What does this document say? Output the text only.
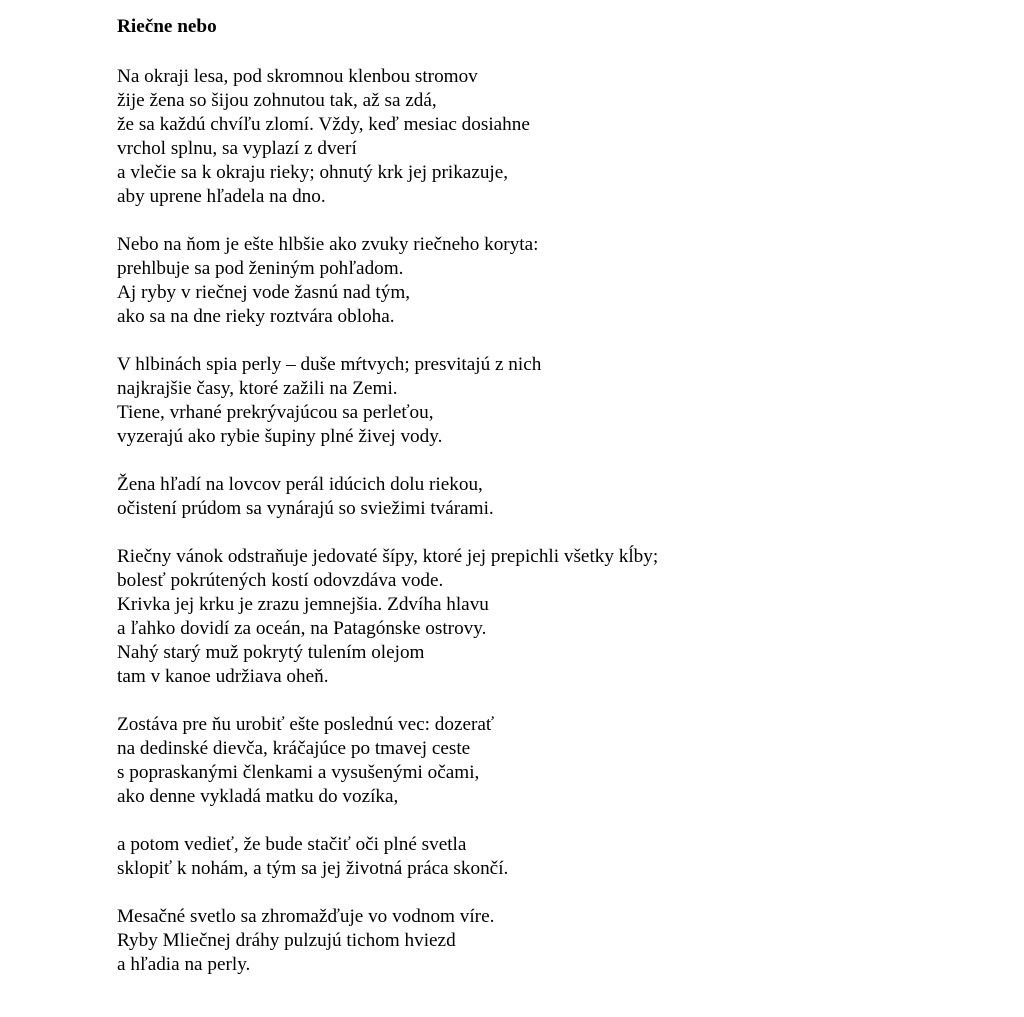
Riečne nebo
Na okraji lesa, pod skromnou klenbou stromov
žije žena so šijou zohnutou tak, až sa zdá,
že sa každú chvíľu zlomí. Vždy, keď mesiac dosiahne
vrchol splnu, sa vyplazí z dverí
a vlečie sa k okraju rieky; ohnutý krk jej prikazuje,
aby uprene hľadela na dno.
Nebo na ňom je ešte hlbšie ako zvuky riečneho koryta:
prehlbuje sa pod ženiným pohľadom.
Aj ryby v riečnej vode žasnú nad tým,
ako sa na dne rieky roztvára obloha.
V hlbinách spia perly – duše mŕtvych; presvitajú z nich
najkrajšie časy, ktoré zažili na Zemi.
Tiene, vrhané prekrývajúcou sa perleťou,
vyzerajú ako rybie šupiny plné živej vody.
Žena hľadí na lovcov perál idúcich dolu riekou,
očistení prúdom sa vynárajú so sviežimi tvárami.
Riečny vánok odstraňuje jedovaté šípy, ktoré jej prepichli všetky kĺby;
bolesť pokrútených kostí odovzdáva vode.
Krivka jej krku je zrazu jemnejšia. Zdvíha hlavu
a ľahko dovidí za oceán, na Patagónske ostrovy.
Nahý starý muž pokrytý tulením olejom
tam v kanoe udržiava oheň.
Zostáva pre ňu urobiť ešte poslednú vec: dozerať
na dedinské dievča, kráčajúce po tmavej ceste
s popraskanými členkami a vysušenými očami,
ako denne vykladá matku do vozíka,
a potom vedieť, že bude stačiť oči plné svetla
sklopiť k nohám, a tým sa jej životná práca skončí.
Mesačné svetlo sa zhromažďuje vo vodnom víre.
Ryby Mliečnej dráhy pulzujú tichom hviezd
a hľadia na perly.
